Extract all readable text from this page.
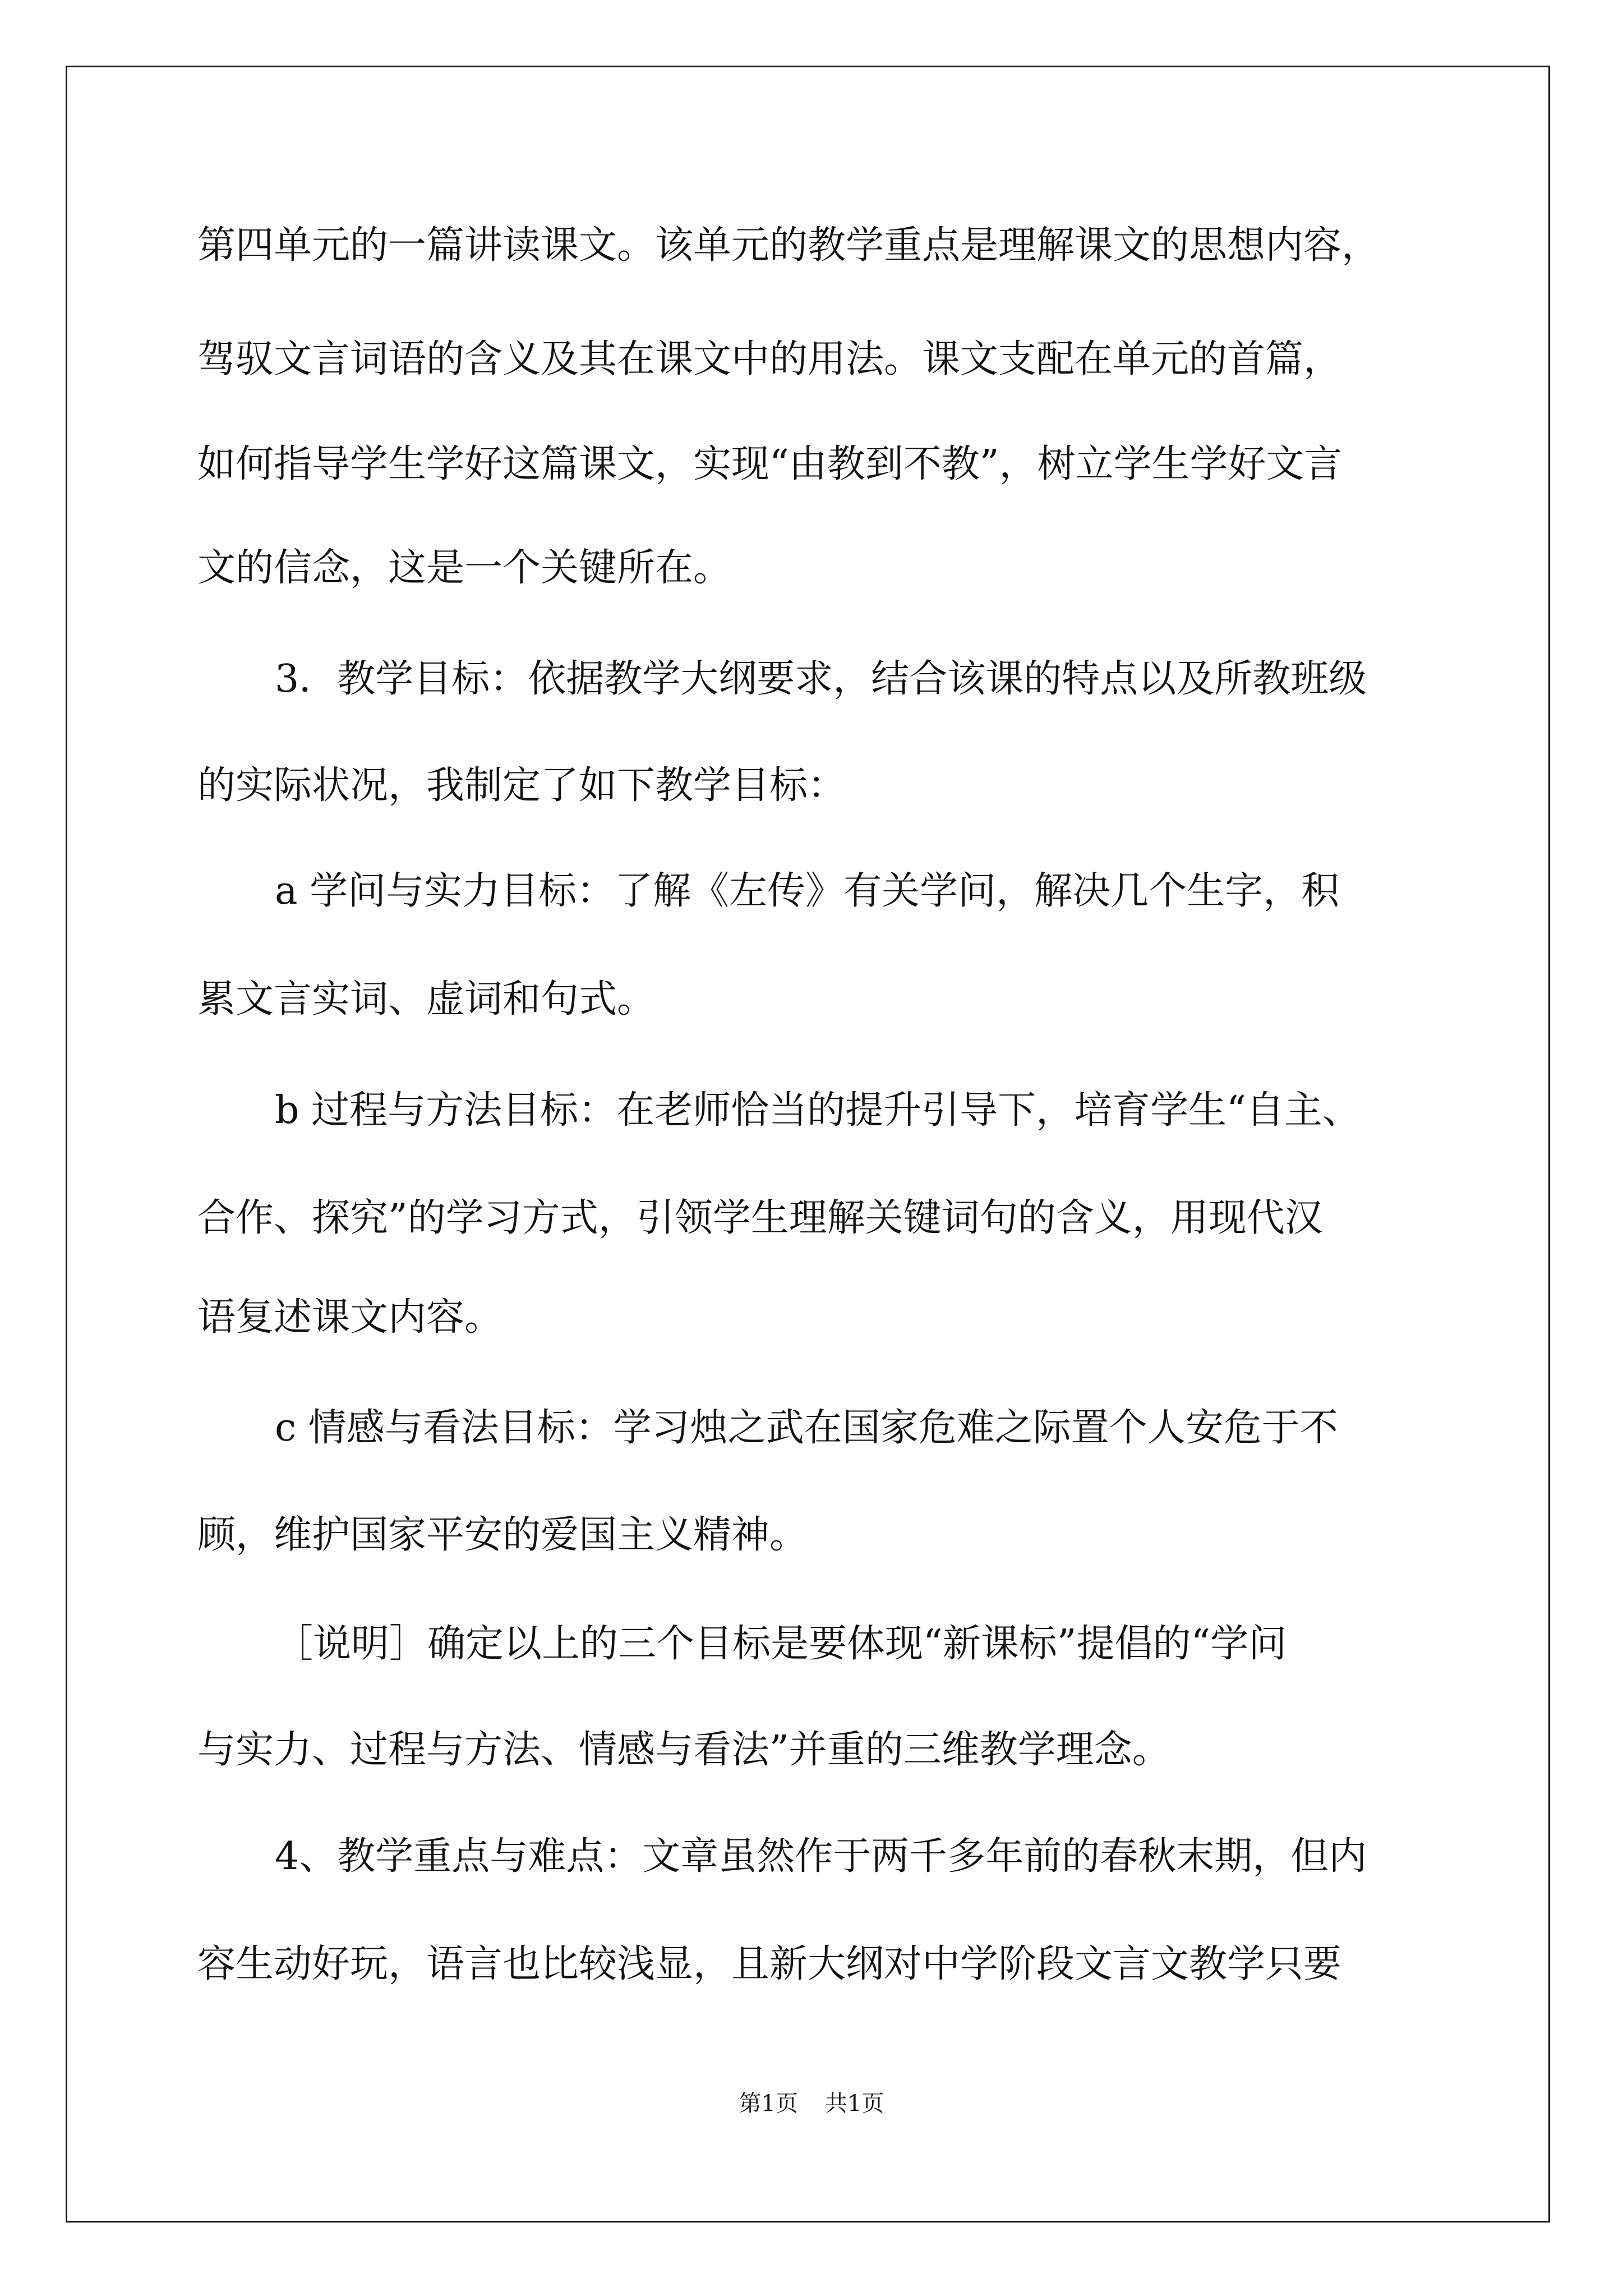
第四单元的一篇讲读课文。该单元的教学重点是理解课文的思想内容，

驾驭文言词语的含义及其在课文中的用法。课文支配在单元的首篇，

如何指导学生学好这篇课文，实现“由教到不教”，树立学生学好文言

文的信念，这是一个关键所在。

3．教学目标：依据教学大纲要求，结合该课的特点以及所教班级

的实际状况，我制定了如下教学目标：

a 学问与实力目标：了解《左传》有关学问，解决几个生字，积

累文言实词、虚词和句式。

b 过程与方法目标：在老师恰当的提升引导下，培育学生“自主、

合作、探究”的学习方式，引领学生理解关键词句的含义，用现代汉

语复述课文内容。

c 情感与看法目标：学习烛之武在国家危难之际置个人安危于不

顾，维护国家平安的爱国主义精神。

［说明］确定以上的三个目标是要体现“新课标”提倡的“学问

与实力、过程与方法、情感与看法”并重的三维教学理念。

4、教学重点与难点：文章虽然作于两千多年前的春秋末期，但内

容生动好玩，语言也比较浅显，且新大纲对中学阶段文言文教学只要

第1页 共1页
